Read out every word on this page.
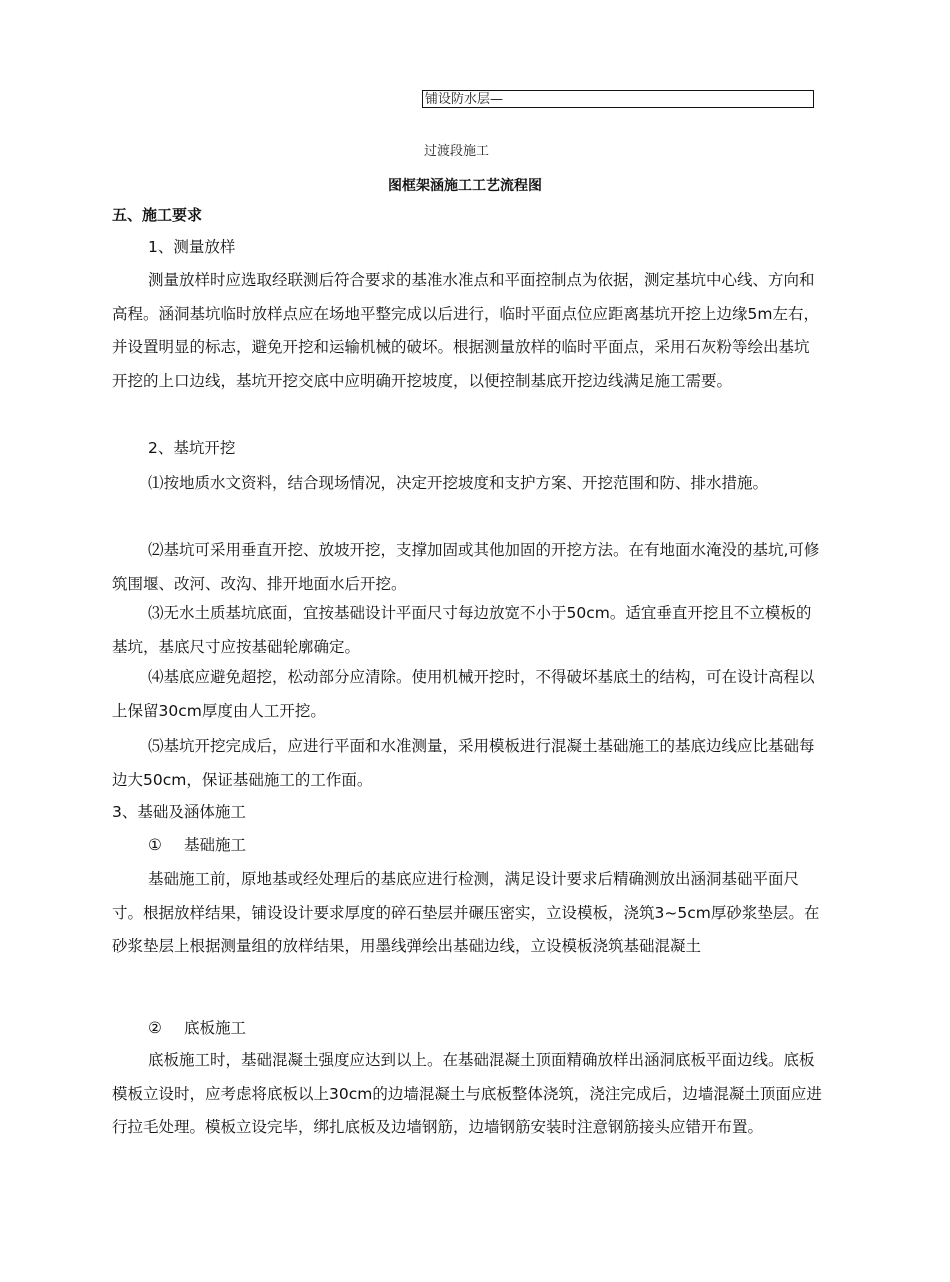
铺设防水层—
过渡段施工
图框架涵施工工艺流程图
五、施工要求
1、测量放样

测量放样时应选取经联测后符合要求的基准水准点和平面控制点为依据，测定基坑中心线、方向和高程。涵洞基坑临时放样点应在场地平整完成以后进行，临时平面点位应距离基坑开挖上边缘5m左右，并设置明显的标志，避免开挖和运输机械的破坏。根据测量放样的临时平面点，采用石灰粉等绘出基坑开挖的上口边线，基坑开挖交底中应明确开挖坡度，以便控制基底开挖边线满足施工需要。

2、基坑开挖

⑴按地质水文资料，结合现场情况，决定开挖坡度和支护方案、开挖范围和防、排水措施。

⑵基坑可采用垂直开挖、放坡开挖，支撑加固或其他加固的开挖方法。在有地面水淹没的基坑,可修筑围堰、改河、改沟、排开地面水后开挖。

⑶无水土质基坑底面，宜按基础设计平面尺寸每边放宽不小于50cm。适宜垂直开挖且不立模板的基坑，基底尺寸应按基础轮廓确定。

⑷基底应避免超挖，松动部分应清除。使用机械开挖时，不得破坏基底土的结构，可在设计高程以上保留30cm厚度由人工开挖。

⑸基坑开挖完成后，应进行平面和水准测量，采用模板进行混凝土基础施工的基底边线应比基础每边大50cm，保证基础施工的工作面。

3、基础及涵体施工
① 基础施工

基础施工前，原地基或经处理后的基底应进行检测，满足设计要求后精确测放出涵洞基础平面尺寸。根据放样结果，铺设设计要求厚度的碎石垫层并碾压密实，立设模板，浇筑3~5cm厚砂浆垫层。在砂浆垫层上根据测量组的放样结果，用墨线弹绘出基础边线，立设模板浇筑基础混凝土

② 底板施工

底板施工时，基础混凝土强度应达到以上。在基础混凝土顶面精确放样出涵洞底板平面边线。底板模板立设时，应考虑将底板以上30cm的边墙混凝土与底板整体浇筑，浇注完成后，边墙混凝土顶面应进行拉毛处理。模板立设完毕，绑扎底板及边墙钢筋，边墙钢筋安装时注意钢筋接头应错开布置。
